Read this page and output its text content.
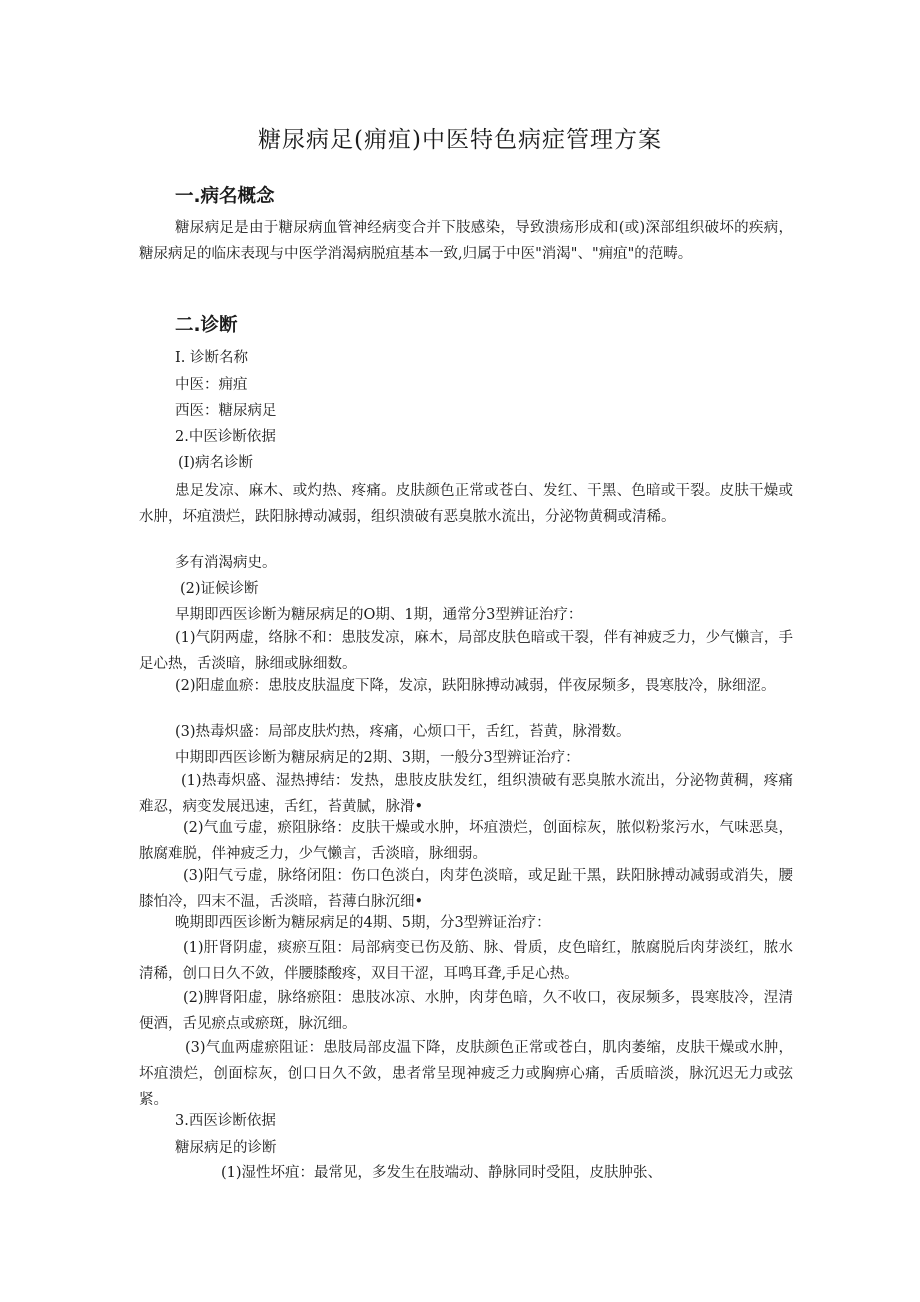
糖尿病足(痈疽)中医特色病症管理方案
一.病名概念

糖尿病足是由于糖尿病血管神经病变合并下肢感染，导致溃疡形成和(或)深部组织破坏的疾病，糖尿病足的临床表现与中医学消渴病脱疽基本一致,归属于中医"消渴"、"痈疽"的范畴。

二.诊断

I. 诊断名称

中医：痈疽

西医：糖尿病足

2.中医诊断依据

(I)病名诊断

患足发凉、麻木、或灼热、疼痛。皮肤颜色正常或苍白、发红、干黑、色暗或干裂。皮肤干燥或水肿，坏疽溃烂，趺阳脉搏动减弱，组织溃破有恶臭脓水流出，分泌物黄稠或清稀。

多有消渴病史。

(2)证候诊断

早期即西医诊断为糖尿病足的O期、1期，通常分3型辨证治疗：

(1)气阴两虚，络脉不和：患肢发凉，麻木，局部皮肤色暗或干裂，伴有神疲乏力，少气懒言，手足心热，舌淡暗，脉细或脉细数。

(2)阳虚血瘀：患肢皮肤温度下降，发凉，趺阳脉搏动减弱，伴夜尿频多，畏寒肢冷，脉细涩。

(3)热毒炽盛：局部皮肤灼热，疼痛，心烦口干，舌红，苔黄，脉滑数。

中期即西医诊断为糖尿病足的2期、3期，一般分3型辨证治疗：

(1)热毒炽盛、湿热搏结：发热，患肢皮肤发红，组织溃破有恶臭脓水流出，分泌物黄稠，疼痛难忍，病变发展迅速，舌红，苔黄腻，脉滑•

(2)气血亏虚，瘀阻脉络：皮肤干燥或水肿，坏疽溃烂，创面棕灰，脓似粉浆污水，气味恶臭，脓腐难脱，伴神疲乏力，少气懒言，舌淡暗，脉细弱。

(3)阳气亏虚，脉络闭阻：伤口色淡白，肉芽色淡暗，或足趾干黑，趺阳脉搏动减弱或消失，腰膝怕冷，四末不温，舌淡暗，苔薄白脉沉细•

晚期即西医诊断为糖尿病足的4期、5期，分3型辨证治疗：

(1)肝肾阴虚，痰瘀互阻：局部病变已伤及筋、脉、骨质，皮色暗红，脓腐脱后肉芽淡红，脓水清稀，创口日久不敛，伴腰膝酸疼，双目干涩，耳鸣耳聋,手足心热。

(2)脾肾阳虚，脉络瘀阻：患肢冰凉、水肿，肉芽色暗，久不收口，夜尿频多，畏寒肢冷，涅清便酒，舌见瘀点或瘀斑，脉沉细。

(3)气血两虚瘀阻证：患肢局部皮温下降，皮肤颜色正常或苍白，肌肉萎缩，皮肤干燥或水肿，坏疽溃烂，创面棕灰，创口日久不敛，患者常呈现神疲乏力或胸痹心痛，舌质暗淡，脉沉迟无力或弦紧。

3.西医诊断依据

糖尿病足的诊断

(1)湿性坏疽：最常见，多发生在肢端动、静脉同时受阻，皮肤肿张、
